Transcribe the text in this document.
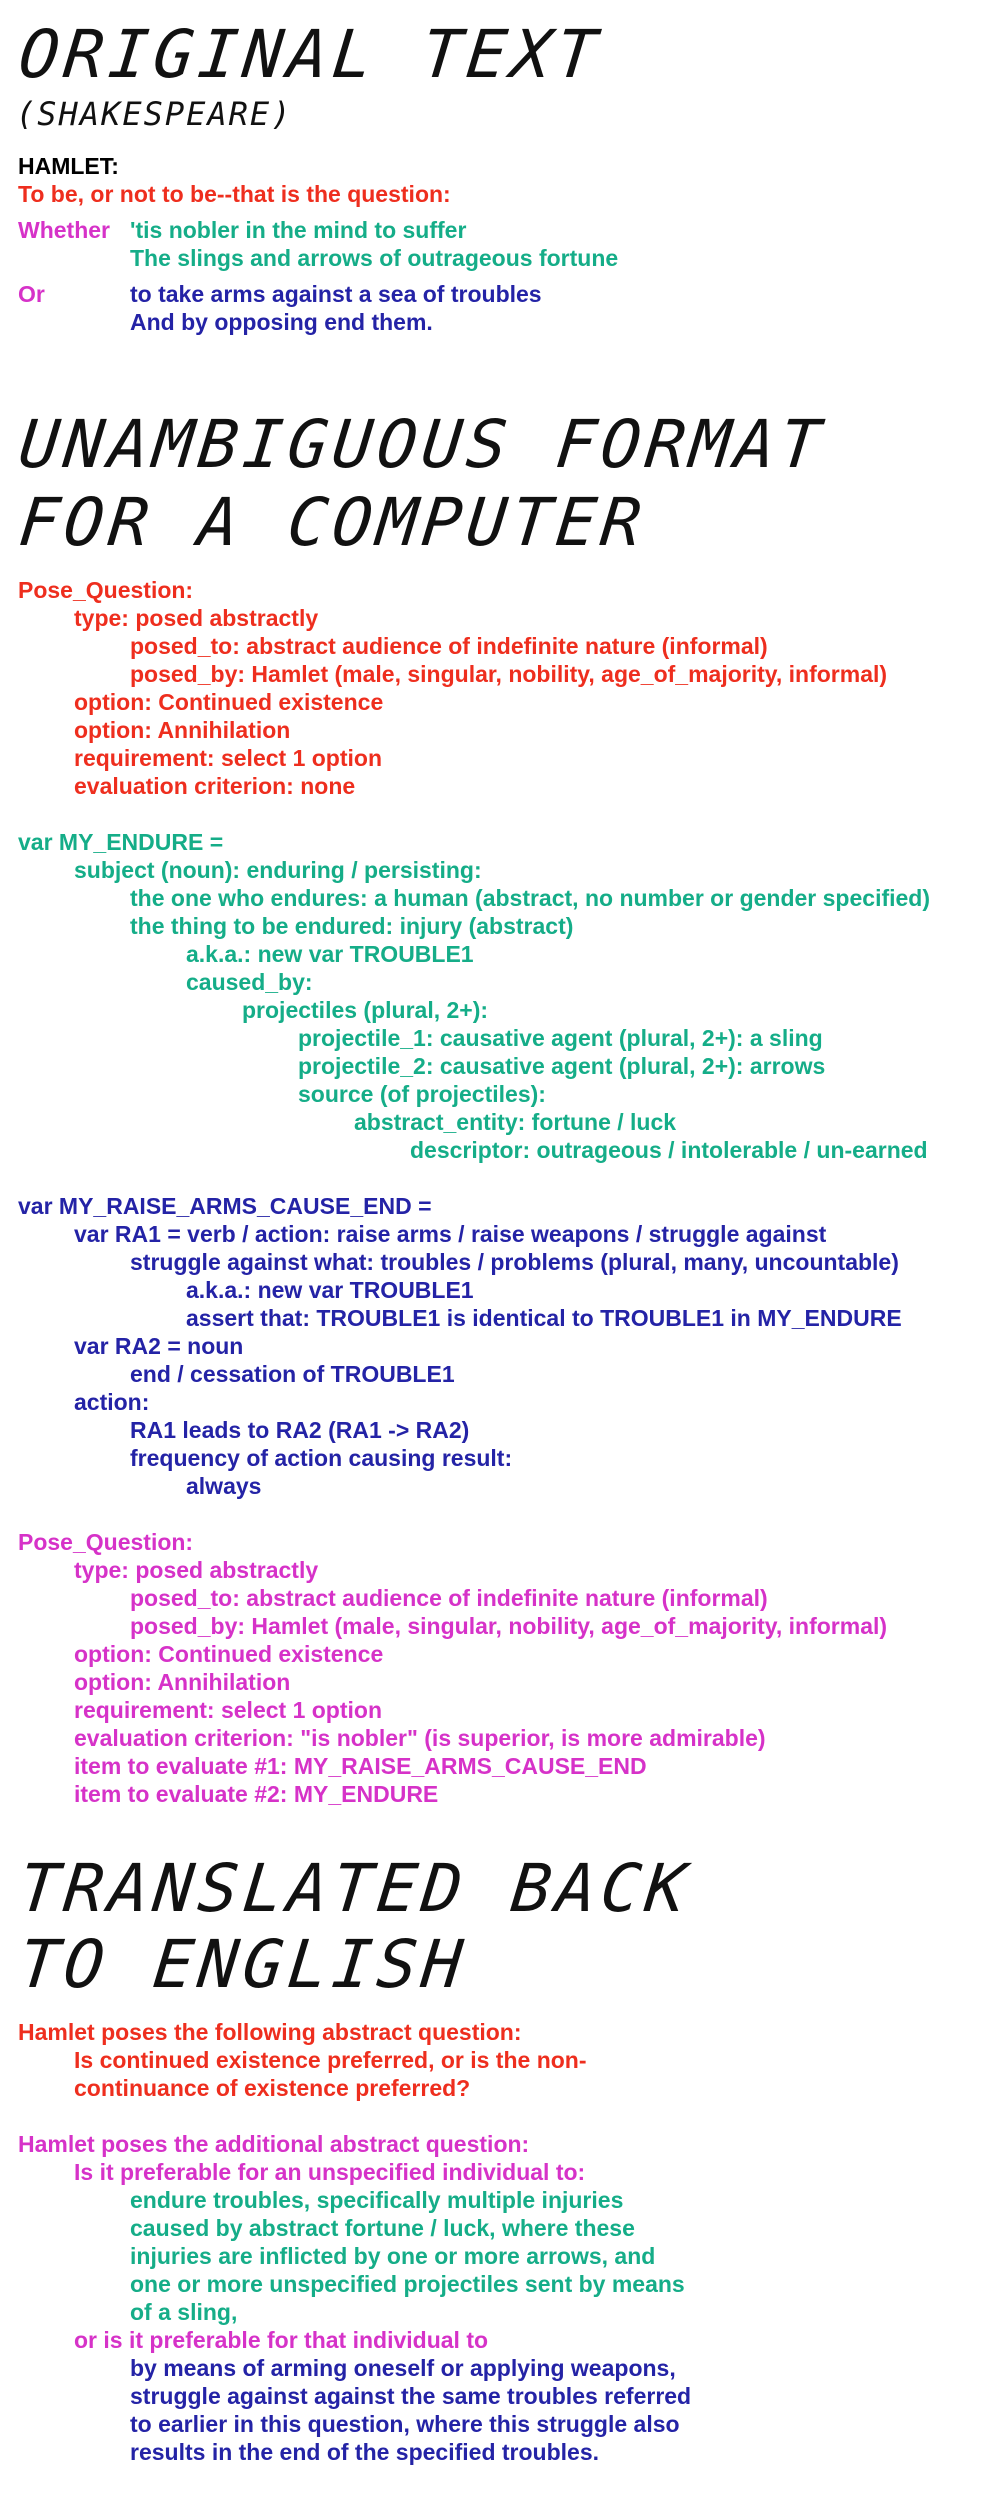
ORIGINAL TEXT
(SHAKESPEARE)
HAMLET:
To be, or not to be--that is the question:
Whether 'tis nobler in the mind to suffer
The slings and arrows of outrageous fortune
Or	to take arms against a sea of troubles
And by opposing end them.
UNAMBIGUOUS FORMAT
FOR A COMPUTER
Pose_Question:
type: posed abstractly
posed_to: abstract audience of indefinite nature (informal)
posed_by: Hamlet (male, singular, nobility, age_of_majority, informal)
option: Continued existence
option: Annihilation
requirement: select 1 option
evaluation criterion: none
var MY_ENDURE =
subject (noun): enduring / persisting:
the one who endures: a human (abstract, no number or gender specified)
the thing to be endured: injury (abstract)
a.k.a.: new var TROUBLE1
caused_by:
projectiles (plural, 2+):
projectile_1: causative agent (plural, 2+): a sling
projectile_2: causative agent (plural, 2+): arrows
source (of projectiles):
abstract_entity: fortune / luck
descriptor: outrageous / intolerable / un-earned
var MY_RAISE_ARMS_CAUSE_END =
var RA1 = verb / action: raise arms / raise weapons / struggle against
struggle against what: troubles / problems (plural, many, uncountable)
a.k.a.: new var TROUBLE1
assert that: TROUBLE1 is identical to TROUBLE1 in MY_ENDURE
var RA2 = noun
end / cessation of TROUBLE1
action:
RA1 leads to RA2 (RA1 -> RA2)
frequency of action causing result:
always
Pose_Question:
type: posed abstractly
posed_to: abstract audience of indefinite nature (informal)
posed_by: Hamlet (male, singular, nobility, age_of_majority, informal)
option: Continued existence
option: Annihilation
requirement: select 1 option
evaluation criterion: "is nobler" (is superior, is more admirable)
item to evaluate #1: MY_RAISE_ARMS_CAUSE_END
item to evaluate #2: MY_ENDURE
TRANSLATED BACK
TO ENGLISH
Hamlet poses the following abstract question:
Is continued existence preferred, or is the non-
continuance of existence preferred?
Hamlet poses the additional abstract question:
Is it preferable for an unspecified individual to:
endure troubles, specifically multiple injuries
caused by abstract fortune / luck, where these
injuries are inflicted by one or more arrows, and
one or more unspecified projectiles sent by means
of a sling,
or is it preferable for that individual to
by means of arming oneself or applying weapons,
struggle against against the same troubles referred
to earlier in this question, where this struggle also
results in the end of the specified troubles.
